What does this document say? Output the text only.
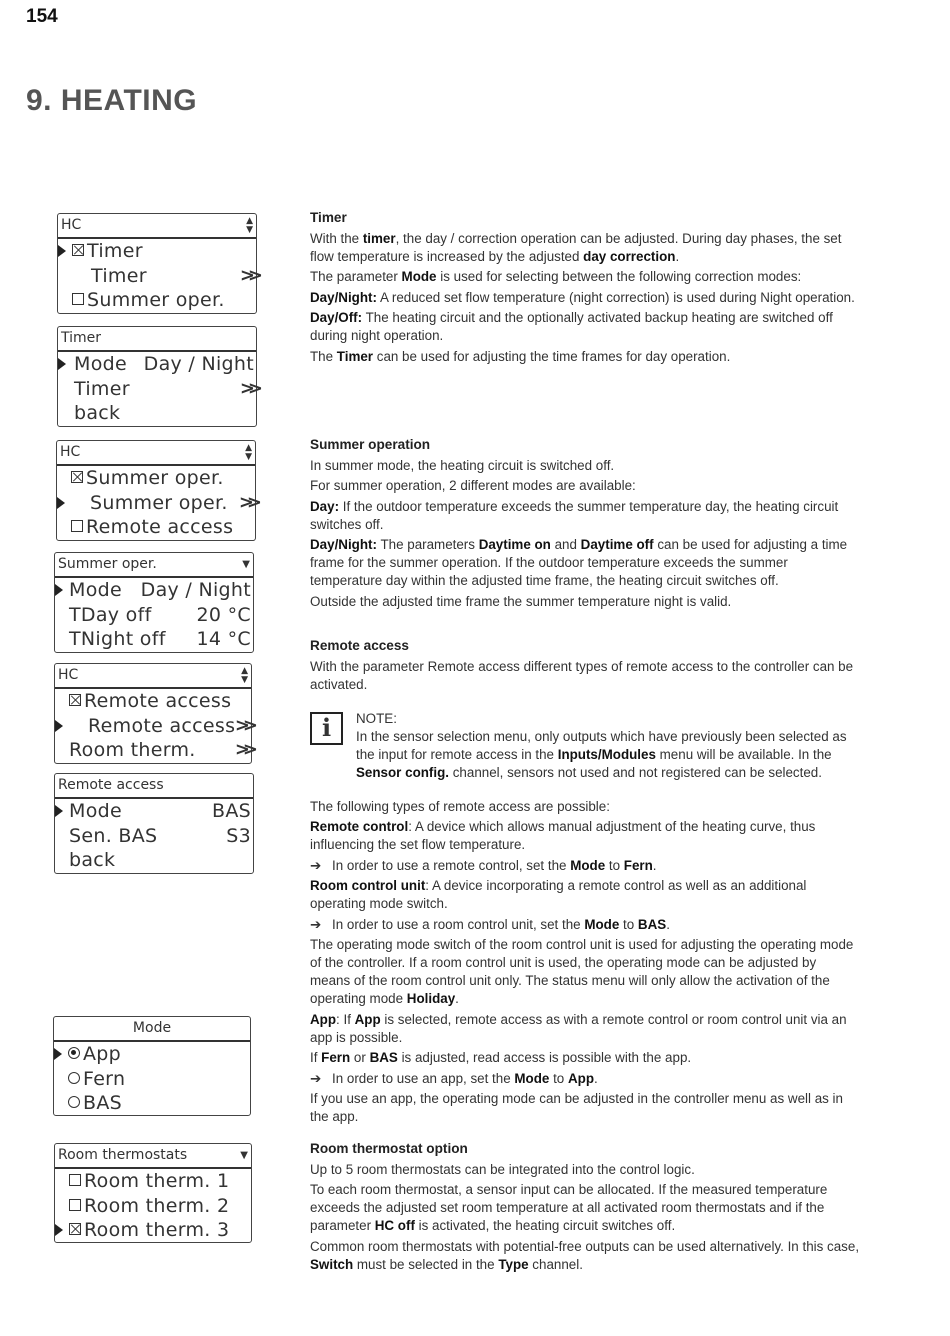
154
9. HEATING
HC	▲
▼
Timer
Timer	>>
Summer oper.
Timer
Mode Day / Night
Timer	>>
back
HC	▲
▼
Summer oper.
Summer oper. >>
Remote access
Summer oper.	▼
Mode Day / Night
TDay off 20 °C
TNight off 14 °C
HC	▲
▼
Remote access
Remote access >>
Room therm. >>
Remote access
Mode	BAS
Sen. BAS	S3
back
Mode
App
Fern
BAS
Room thermostats	▼
Room therm. 1
Room therm. 2
Room therm. 3
Timer
With the timer, the day / correction operation can be adjusted. During day phases, the set flow temperature is increased by the adjusted day correction.
The parameter Mode is used for selecting between the following correction modes:
Day/Night: A reduced set flow temperature (night correction) is used during Night operation.
Day/Off: The heating circuit and the optionally activated backup heating are switched off during night operation.
The Timer can be used for adjusting the time frames for day operation.
Summer operation
In summer mode, the heating circuit is switched off.
For summer operation, 2 different modes are available:
Day: If the outdoor temperature exceeds the summer temperature day, the heating circuit switches off.
Day/Night: The parameters Daytime on and Daytime off can be used for adjusting a time frame for the summer operation. If the outdoor temperature exceeds the summer temperature day within the adjusted time frame, the heating circuit switches off.
Outside the adjusted time frame the summer temperature night is valid.
Remote access
With the parameter Remote access different types of remote access to the controller can be activated.
i	NOTE:
In the sensor selection menu, only outputs which have previously been selected as the input for remote access in the Inputs/Modules menu will be available. In the Sensor config. channel, sensors not used and not registered can be selected.
The following types of remote access are possible:
Remote control: A device which allows manual adjustment of the heating curve, thus influencing the set flow temperature.
➔ In order to use a remote control, set the Mode to Fern.
Room control unit: A device incorporating a remote control as well as an additional operating mode switch.
➔ In order to use a room control unit, set the Mode to BAS.
The operating mode switch of the room control unit is used for adjusting the operating mode of the controller. If a room control unit is used, the operating mode can be adjusted by means of the room control unit only. The status menu will only allow the activation of the operating mode Holiday.
App: If App is selected, remote access as with a remote control or room control unit via an app is possible.
If Fern or BAS is adjusted, read access is possible with the app.
➔ In order to use an app, set the Mode to App.
If you use an app, the operating mode can be adjusted in the controller menu as well as in the app.
Room thermostat option
Up to 5 room thermostats can be integrated into the control logic.
To each room thermostat, a sensor input can be allocated. If the measured temperature exceeds the adjusted set room temperature at all activated room thermostats and if the parameter HC off is activated, the heating circuit switches off.
Common room thermostats with potential-free outputs can be used alternatively. In this case, Switch must be selected in the Type channel.
